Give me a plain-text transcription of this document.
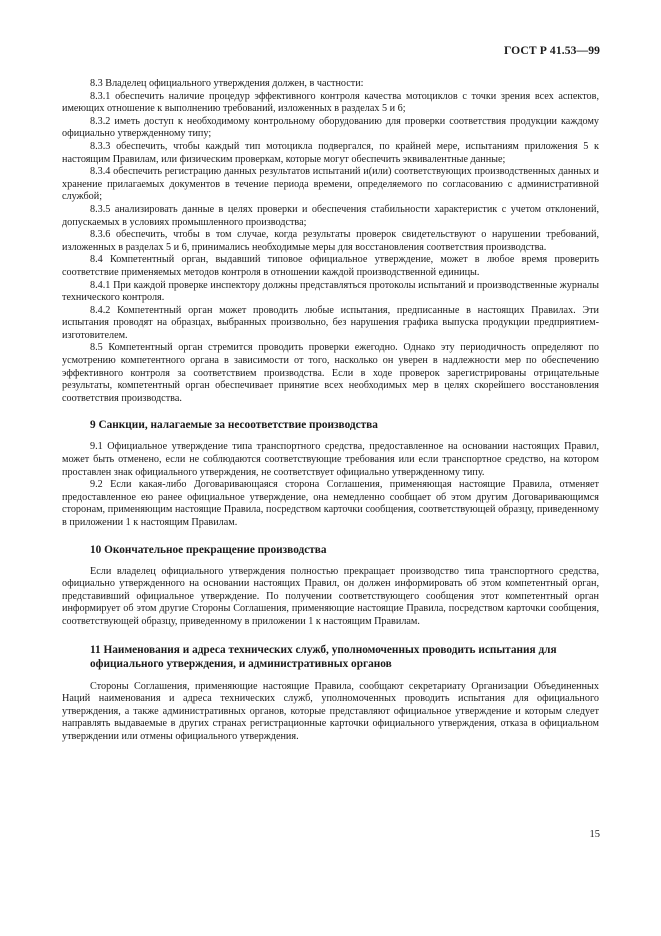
ГОСТ Р 41.53—99

8.3 Владелец официального утверждения должен, в частности:

8.3.1 обеспечить наличие процедур эффективного контроля качества мотоциклов с точки зрения всех аспектов, имеющих отношение к выполнению требований, изложенных в разделах 5 и 6;

8.3.2 иметь доступ к необходимому контрольному оборудованию для проверки соответствия продукции каждому официально утвержденному типу;

8.3.3 обеспечить, чтобы каждый тип мотоцикла подвергался, по крайней мере, испытаниям приложения 5 к настоящим Правилам, или физическим проверкам, которые могут обеспечить эквивалентные данные;

8.3.4 обеспечить регистрацию данных результатов испытаний и(или) соответствующих производственных данных и хранение прилагаемых документов в течение периода времени, определяемого по согласованию с административной службой;

8.3.5 анализировать данные в целях проверки и обеспечения стабильности характеристик с учетом отклонений, допускаемых в условиях промышленного производства;

8.3.6 обеспечить, чтобы в том случае, когда результаты проверок свидетельствуют о нарушении требований, изложенных в разделах 5 и 6, принимались необходимые меры для восстановления соответствия производства.

8.4 Компетентный орган, выдавший типовое официальное утверждение, может в любое время проверить соответствие применяемых методов контроля в отношении каждой производственной единицы.

8.4.1 При каждой проверке инспектору должны представляться протоколы испытаний и производственные журналы технического контроля.

8.4.2 Компетентный орган может проводить любые испытания, предписанные в настоящих Правилах. Эти испытания проводят на образцах, выбранных произвольно, без нарушения графика выпуска продукции предприятием-изготовителем.

8.5 Компетентный орган стремится проводить проверки ежегодно. Однако эту периодичность определяют по усмотрению компетентного органа в зависимости от того, насколько он уверен в надлежности мер по обеспечению эффективного контроля за соответствием производства. Если в ходе проверок зарегистрированы отрицательные результаты, компетентный орган обеспечивает принятие всех необходимых мер в целях скорейшего восстановления соответствия производства.

9 Санкции, налагаемые за несоответствие производства

9.1 Официальное утверждение типа транспортного средства, предоставленное на основании настоящих Правил, может быть отменено, если не соблюдаются соответствующие требования или если транспортное средство, на котором проставлен знак официального утверждения, не соответствует официально утвержденному типу.

9.2 Если какая-либо Договаривающаяся сторона Соглашения, применяющая настоящие Правила, отменяет предоставленное ею ранее официальное утверждение, она немедленно сообщает об этом другим Договаривающимся сторонам, применяющим настоящие Правила, посредством карточки сообщения, соответствующей образцу, приведенному в приложении 1 к настоящим Правилам.

10 Окончательное прекращение производства

Если владелец официального утверждения полностью прекращает производство типа транспортного средства, официально утвержденного на основании настоящих Правил, он должен информировать об этом компетентный орган, представивший официальное утверждение. По получении соответствующего сообщения этот компетентный орган информирует об этом другие Стороны Соглашения, применяющие настоящие Правила, посредством карточки сообщения, соответствующей образцу, приведенному в приложении 1 к настоящим Правилам.

11 Наименования и адреса технических служб, уполномоченных проводить испытания для официального утверждения, и административных органов

Стороны Соглашения, применяющие настоящие Правила, сообщают секретариату Организации Объединенных Наций наименования и адреса технических служб, уполномоченных проводить испытания для официального утверждения, а также административных органов, которые представляют официальное утверждение и которым следует направлять выдаваемые в других странах регистрационные карточки официального утверждения, отказа в официальном утверждении или отмены официального утверждения.

15
